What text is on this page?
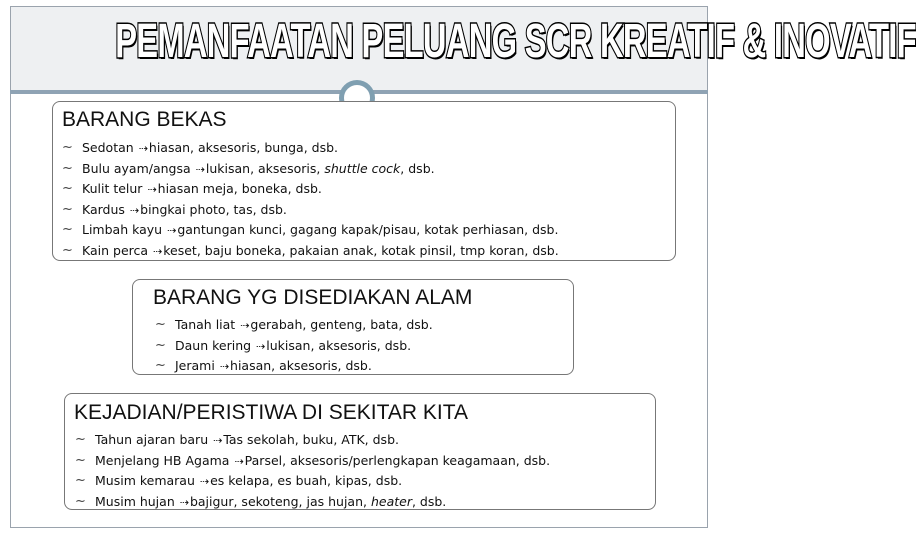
PEMANFAATAN PELUANG SCR KREATIF & INOVATIF
BARANG BEKAS
~ Sedotan ⇢hiasan, aksesoris, bunga, dsb.
~ Bulu ayam/angsa ⇢lukisan, aksesoris, shuttle cock, dsb.
~ Kulit telur ⇢hiasan meja, boneka, dsb.
~ Kardus ⇢bingkai photo, tas, dsb.
~ Limbah kayu ⇢gantungan kunci, gagang kapak/pisau, kotak perhiasan, dsb.
~ Kain perca ⇢keset, baju boneka, pakaian anak, kotak pinsil, tmp koran, dsb.
BARANG YG DISEDIAKAN ALAM
~ Tanah liat ⇢gerabah, genteng, bata, dsb.
~ Daun kering ⇢lukisan, aksesoris, dsb.
~ Jerami ⇢hiasan, aksesoris, dsb.
KEJADIAN/PERISTIWA DI SEKITAR KITA
~ Tahun ajaran baru ⇢Tas sekolah, buku, ATK, dsb.
~ Menjelang HB Agama ⇢Parsel, aksesoris/perlengkapan keagamaan, dsb.
~ Musim kemarau ⇢es kelapa, es buah, kipas, dsb.
~ Musim hujan ⇢bajigur, sekoteng, jas hujan, heater, dsb.
